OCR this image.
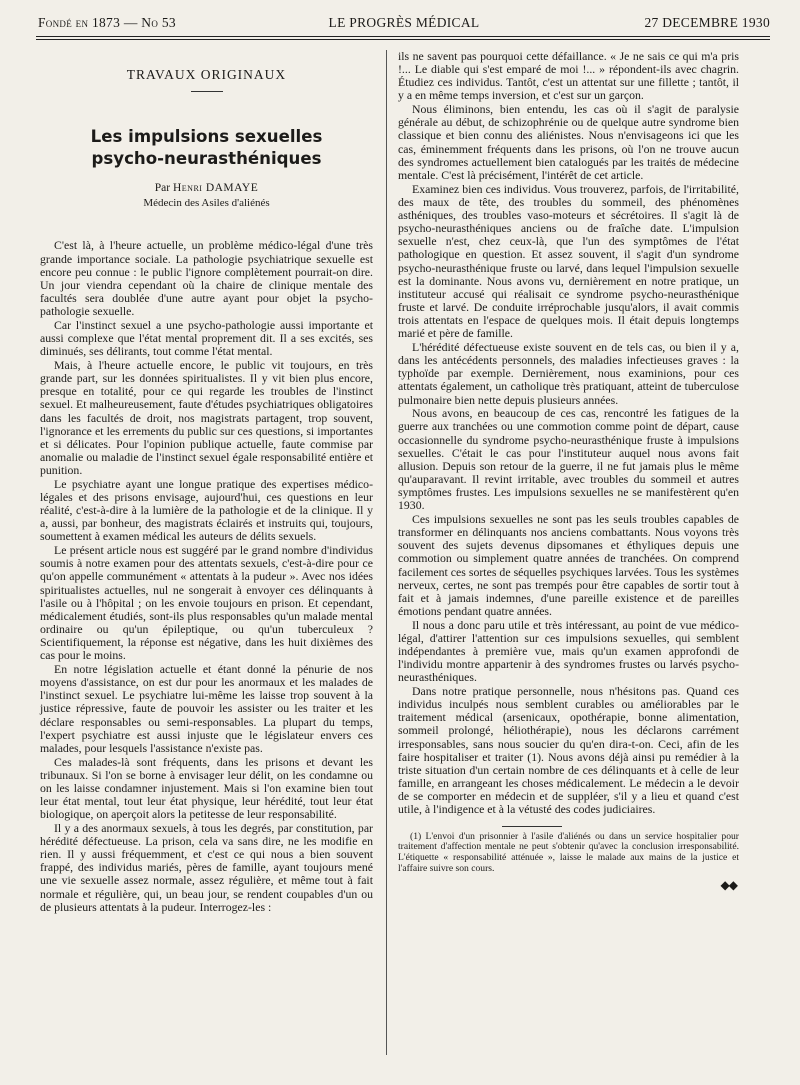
Fondé en 1873 — No 53	LE PROGRÈS MÉDICAL	27 DECEMBRE 1930
TRAVAUX ORIGINAUX
Les impulsions sexuelles
psycho-neurasthéniques
Par Henri DAMAYE
Médecin des Asiles d'aliénés

C'est là, à l'heure actuelle, un problème médico-légal d'une très grande importance sociale. La pathologie psychiatrique sexuelle est encore peu connue : le public l'ignore complètement pourrait-on dire. Un jour viendra cependant où la chaire de clinique mentale des facultés sera doublée d'une autre ayant pour objet la psycho-pathologie sexuelle.

Car l'instinct sexuel a une psycho-pathologie aussi importante et aussi complexe que l'état mental proprement dit. Il a ses excités, ses diminués, ses délirants, tout comme l'état mental.

Mais, à l'heure actuelle encore, le public vit toujours, en très grande part, sur les données spiritualistes. Il y vit bien plus encore, presque en totalité, pour ce qui regarde les troubles de l'instinct sexuel. Et malheureusement, faute d'études psychiatriques obligatoires dans les facultés de droit, nos magistrats partagent, trop souvent, l'ignorance et les errements du public sur ces questions, si importantes et si délicates. Pour l'opinion publique actuelle, faute commise par anomalie ou maladie de l'instinct sexuel égale responsabilité entière et punition.

Le psychiatre ayant une longue pratique des expertises médico-légales et des prisons envisage, aujourd'hui, ces questions en leur réalité, c'est-à-dire à la lumière de la pathologie et de la clinique. Il y a, aussi, par bonheur, des magistrats éclairés et instruits qui, toujours, soumettent à examen médical les auteurs de délits sexuels.

Le présent article nous est suggéré par le grand nombre d'individus soumis à notre examen pour des attentats sexuels, c'est-à-dire pour ce qu'on appelle communément « attentats à la pudeur ». Avec nos idées spiritualistes actuelles, nul ne songerait à envoyer ces délinquants à l'asile ou à l'hôpital ; on les envoie toujours en prison. Et cependant, médicalement étudiés, sont-ils plus responsables qu'un malade mental ordinaire ou qu'un épileptique, ou qu'un tuberculeux ? Scientifiquement, la réponse est négative, dans les huit dixièmes des cas pour le moins.

En notre législation actuelle et étant donné la pénurie de nos moyens d'assistance, on est dur pour les anormaux et les malades de l'instinct sexuel. Le psychiatre lui-même les laisse trop souvent à la justice répressive, faute de pouvoir les assister ou les traiter et les déclare responsables ou semi-responsables. La plupart du temps, l'expert psychiatre est aussi injuste que le législateur envers ces malades, pour lesquels l'assistance n'existe pas.

Ces malades-là sont fréquents, dans les prisons et devant les tribunaux. Si l'on se borne à envisager leur délit, on les condamne ou on les laisse condamner injustement. Mais si l'on examine bien tout leur état mental, tout leur état physique, leur hérédité, tout leur état biologique, on aperçoit alors la petitesse de leur responsabilité.

Il y a des anormaux sexuels, à tous les degrés, par constitution, par hérédité défectueuse. La prison, cela va sans dire, ne les modifie en rien. Il y aussi fréquemment, et c'est ce qui nous a bien souvent frappé, des individus mariés, pères de famille, ayant toujours mené une vie sexuelle assez normale, assez régulière, et même tout à fait normale et régulière, qui, un beau jour, se rendent coupables d'un ou de plusieurs attentats à la pudeur. Interrogez-les :

ils ne savent pas pourquoi cette défaillance. « Je ne sais ce qui m'a pris !... Le diable qui s'est emparé de moi !... » répondent-ils avec chagrin. Étudiez ces individus. Tantôt, c'est un attentat sur une fillette ; tantôt, il y a en même temps inversion, et c'est sur un garçon.

Nous éliminons, bien entendu, les cas où il s'agit de paralysie générale au début, de schizophrénie ou de quelque autre syndrome bien classique et bien connu des aliénistes. Nous n'envisageons ici que les cas, éminemment fréquents dans les prisons, où l'on ne trouve aucun des syndromes actuellement bien catalogués par les traités de médecine mentale. C'est là précisément, l'intérêt de cet article.

Examinez bien ces individus. Vous trouverez, parfois, de l'irritabilité, des maux de tête, des troubles du sommeil, des phénomènes asthéniques, des troubles vaso-moteurs et sécrétoires. Il s'agit là de psycho-neurasthéniques anciens ou de fraîche date. L'impulsion sexuelle n'est, chez ceux-là, que l'un des symptômes de l'état pathologique en question. Et assez souvent, il s'agit d'un syndrome psycho-neurasthénique fruste ou larvé, dans lequel l'impulsion sexuelle est la dominante. Nous avons vu, dernièrement en notre pratique, un instituteur accusé qui réalisait ce syndrome psycho-neurasthénique fruste et larvé. De conduite irréprochable jusqu'alors, il avait commis trois attentats en l'espace de quelques mois. Il était depuis longtemps marié et père de famille.

L'hérédité défectueuse existe souvent en de tels cas, ou bien il y a, dans les antécédents personnels, des maladies infectieuses graves : la typhoïde par exemple. Dernièrement, nous examinions, pour ces attentats également, un catholique très pratiquant, atteint de tuberculose pulmonaire bien nette depuis plusieurs années.

Nous avons, en beaucoup de ces cas, rencontré les fatigues de la guerre aux tranchées ou une commotion comme point de départ, cause occasionnelle du syndrome psycho-neurasthénique fruste à impulsions sexuelles. C'était le cas pour l'instituteur auquel nous avons fait allusion. Depuis son retour de la guerre, il ne fut jamais plus le même qu'auparavant. Il revint irritable, avec troubles du sommeil et autres symptômes frustes. Les impulsions sexuelles ne se manifestèrent qu'en 1930.

Ces impulsions sexuelles ne sont pas les seuls troubles capables de transformer en délinquants nos anciens combattants. Nous voyons très souvent des sujets devenus dipsomanes et éthyliques depuis une commotion ou simplement quatre années de tranchées. On comprend facilement ces sortes de séquelles psychiques larvées. Tous les systèmes nerveux, certes, ne sont pas trempés pour être capables de sortir tout à fait et à jamais indemnes, d'une pareille existence et de pareilles émotions pendant quatre années.

Il nous a donc paru utile et très intéressant, au point de vue médico-légal, d'attirer l'attention sur ces impulsions sexuelles, qui semblent indépendantes à première vue, mais qu'un examen approfondi de l'individu montre appartenir à des syndromes frustes ou larvés psycho-neurasthéniques.

Dans notre pratique personnelle, nous n'hésitons pas. Quand ces individus inculpés nous semblent curables ou améliorables par le traitement médical (arsenicaux, opothérapie, bonne alimentation, sommeil prolongé, héliothérapie), nous les déclarons carrément irresponsables, sans nous soucier du qu'en dira-t-on. Ceci, afin de les faire hospitaliser et traiter (1). Nous avons déjà ainsi pu remédier à la triste situation d'un certain nombre de ces délinquants et à celle de leur famille, en arrangeant les choses médicalement. Le médecin a le devoir de se comporter en médecin et de suppléer, s'il y a lieu et quand c'est utile, à l'indigence et à la vétusté des codes judiciaires.

(1) L'envoi d'un prisonnier à l'asile d'aliénés ou dans un service hospitalier pour traitement d'affection mentale ne peut s'obtenir qu'avec la conclusion irresponsabilité. L'étiquette « responsabilité atténuée », laisse le malade aux mains de la justice et l'affaire suivre son cours.
◆◆
